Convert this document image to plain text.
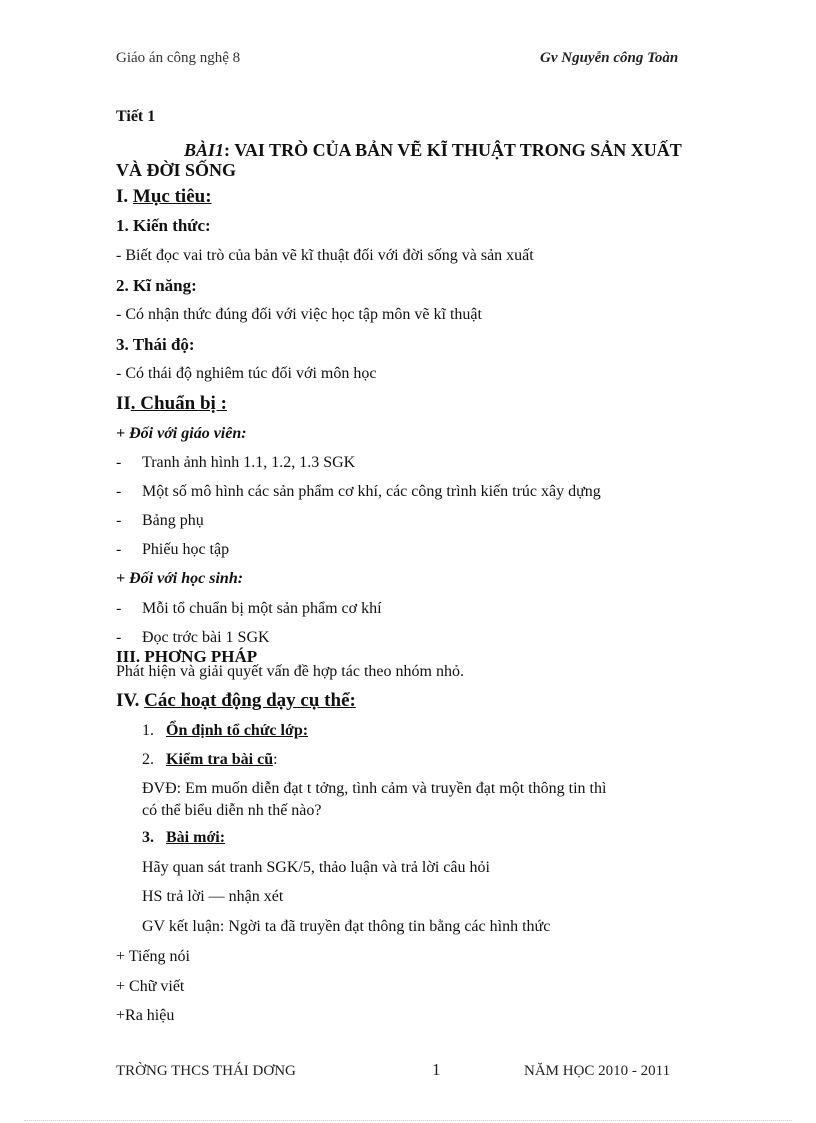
Giáo án công nghệ 8	Gv Nguyễn công Toàn
Tiết 1
BÀI1: VAI TRÒ CỦA BẢN VẼ KĨ THUẬT TRONG SẢN XUẤT
VÀ ĐỜI SỐNG
I. Mục tiêu:
1. Kiến thức:
- Biết đọc vai trò của bản vẽ kĩ thuật đối với đời sống và sản xuất
2. Kĩ năng:
- Có nhận thức đúng đối với việc học tập môn vẽ kĩ thuật
3. Thái độ:
- Có thái độ nghiêm túc đối với môn học
II. Chuẩn bị :
+ Đối với giáo viên:
- Tranh ảnh hình 1.1, 1.2, 1.3 SGK
- Một số mô hình các sản phẩm cơ khí, các công trình kiến trúc xây dựng
- Bảng phụ
- Phiếu học tập
+ Đối với học sinh:
- Mỗi tổ chuẩn bị một sản phẩm cơ khí
- Đọc trớc bài 1 SGK
III. PHƠNG PHÁP
Phát hiện và giải quyết vấn đề hợp tác theo nhóm nhỏ.
IV. Các hoạt động dạy cụ thể:
1. Ổn định tổ chức lớp:
2. Kiểm tra bài cũ:
ĐVĐ: Em muốn diễn đạt t tởng, tình cảm và truyền đạt một thông tin thì
có thể biểu diễn nh thế nào?
3. Bài mới:
Hãy quan sát tranh SGK/5, thảo luận và trả lời câu hỏi
HS trả lời — nhận xét
GV kết luận: Ngời ta đã truyền đạt thông tin bằng các hình thức
+ Tiếng nói
+ Chữ viết
+Ra hiệu
TRỜNG THCS THÁI DƠNG	1	NĂM HỌC 2010 - 2011
